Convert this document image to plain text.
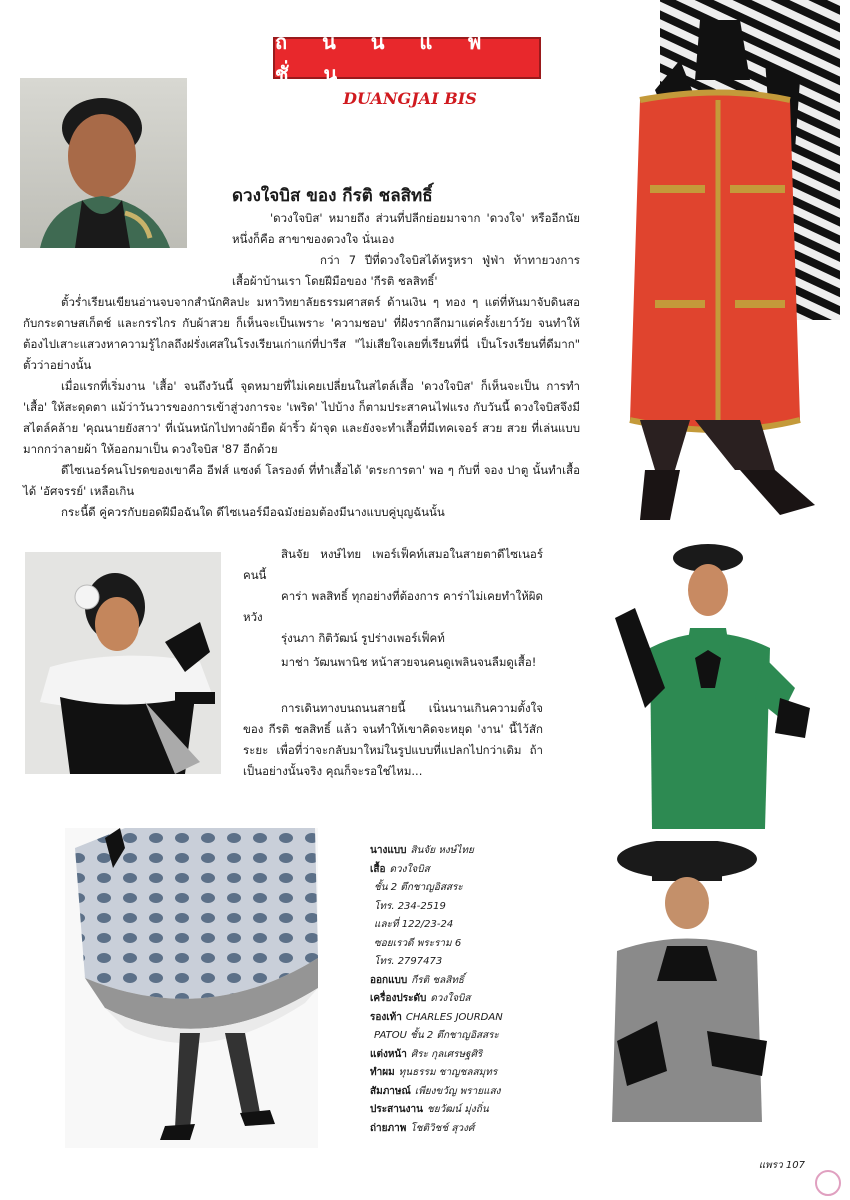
ถ น น แ ฟ ชั่ น
DUANGJAI BIS
ดวงใจบิส ของ กีรติ ชลสิทธิ์
'ดวงใจบิส' หมายถึง ส่วนที่ปลีกย่อยมาจาก 'ดวงใจ' หรืออีกนัยหนึ่งก็คือ สาขาของดวงใจ นั่นเอง
กว่า 7 ปีที่ดวงใจบิสได้หรูหรา ฟู่ฟ่า ท้าทายวงการเสื้อผ้าบ้านเรา โดยฝีมือของ 'กีรติ ชลสิทธิ์'
ตั้วร่ำเรียนเขียนอ่านจบจากสำนักศิลปะ มหาวิทยาลัยธรรมศาสตร์ ด้านเงิน ๆ ทอง ๆ แต่ที่หันมาจับดินสอ กับกระดาษสเก็ตช์ และกรรไกร กับผ้าสวย ก็เห็นจะเป็นเพราะ 'ความชอบ' ที่ฝังรากลึกมาแต่ครั้งเยาว์วัย จนทำให้ต้องไปเสาะแสวงหาความรู้ไกลถึงฝรั่งเศสในโรงเรียนเก่าแก่ที่ปารีส "ไม่เสียใจเลยที่เรียนที่นี่ เป็นโรงเรียนที่ดีมาก" ตั้วว่าอย่างนั้น
เมื่อแรกที่เริ่มงาน 'เสื้อ' จนถึงวันนี้ จุดหมายที่ไม่เคยเปลี่ยนในสไตล์เสื้อ 'ดวงใจบิส' ก็เห็นจะเป็น การทำ 'เสื้อ' ให้สะดุดตา แม้ว่าวันวารของการเข้าสู่วงการจะ 'เพริด' ไปบ้าง ก็ตามประสาคนไฟแรง กับวันนี้ ดวงใจบิสจึงมีสไตล์คล้าย 'คุณนายยังสาว' ที่เน้นหนักไปทางผ้ายืด ผ้าริ้ว ผ้าจุด และยังจะทำเสื้อที่มีเทคเจอร์ สวย สวย ที่เล่นแบบมากกว่าลายผ้า ให้ออกมาเป็น ดวงใจบิส '87 อีกด้วย
ดีไซเนอร์คนโปรดของเขาคือ อีฟส์ แซงต์ โลรองต์ ที่ทำเสื้อได้ 'ตระการตา' พอ ๆ กับที่ จอง ปาตู นั้นทำเสื้อได้ 'อัศจรรย์' เหลือเกิน
กระนี้ดี คู่ควรกับยอดฝีมือฉันใด ดีไซเนอร์มือฉมังย่อมต้องมีนางแบบคู่บุญฉันนั้น
สินจัย หงษ์ไทย เพอร์เฟ็คท์เสมอในสายตาดีไซเนอร์คนนี้
คาร่า พลสิทธิ์ ทุกอย่างที่ต้องการ คาร่าไม่เคยทำให้ผิดหวัง
รุ่งนภา กิติวัฒน์ รูปร่างเพอร์เฟ็คท์
มาช่า วัฒนพานิช หน้าสวยจนคนดูเพลินจนลืมดูเสื้อ!
การเดินทางบนถนนสายนี้ เนิ่นนานเกินความตั้งใจของ กีรติ ชลสิทธิ์ แล้ว จนทำให้เขาคิดจะหยุด 'งาน' นี้ไว้สักระยะ เพื่อที่ว่าจะกลับมาใหม่ในรูปแบบที่แปลกไปกว่าเดิม ถ้าเป็นอย่างนั้นจริง คุณก็จะรอใช่ไหม...
นางแบบ สินจัย หงษ์ไทย
เสื้อ ดวงใจบิส
ชั้น 2 ตึกชาญอิสสระ
โทร. 234-2519
และที่ 122/23-24
ซอยเรวดี พระราม 6
โทร. 2797473
ออกแบบ กีรติ ชลสิทธิ์
เครื่องประดับ ดวงใจบิส
รองเท้า CHARLES JOURDAN
PATOU ชั้น 2 ตึกชาญอิสสระ
แต่งหน้า ศิระ กุลเศรษฐศิริ
ทำผม ทุนธรรม ชาญชลสมุทร
สัมภาษณ์ เพียงขวัญ พรายแสง
ประสานงาน ชยวัฒน์ มุ่งถิ่น
ถ่ายภาพ โชติวิชช์ สุวงศ์
แพรว 107
